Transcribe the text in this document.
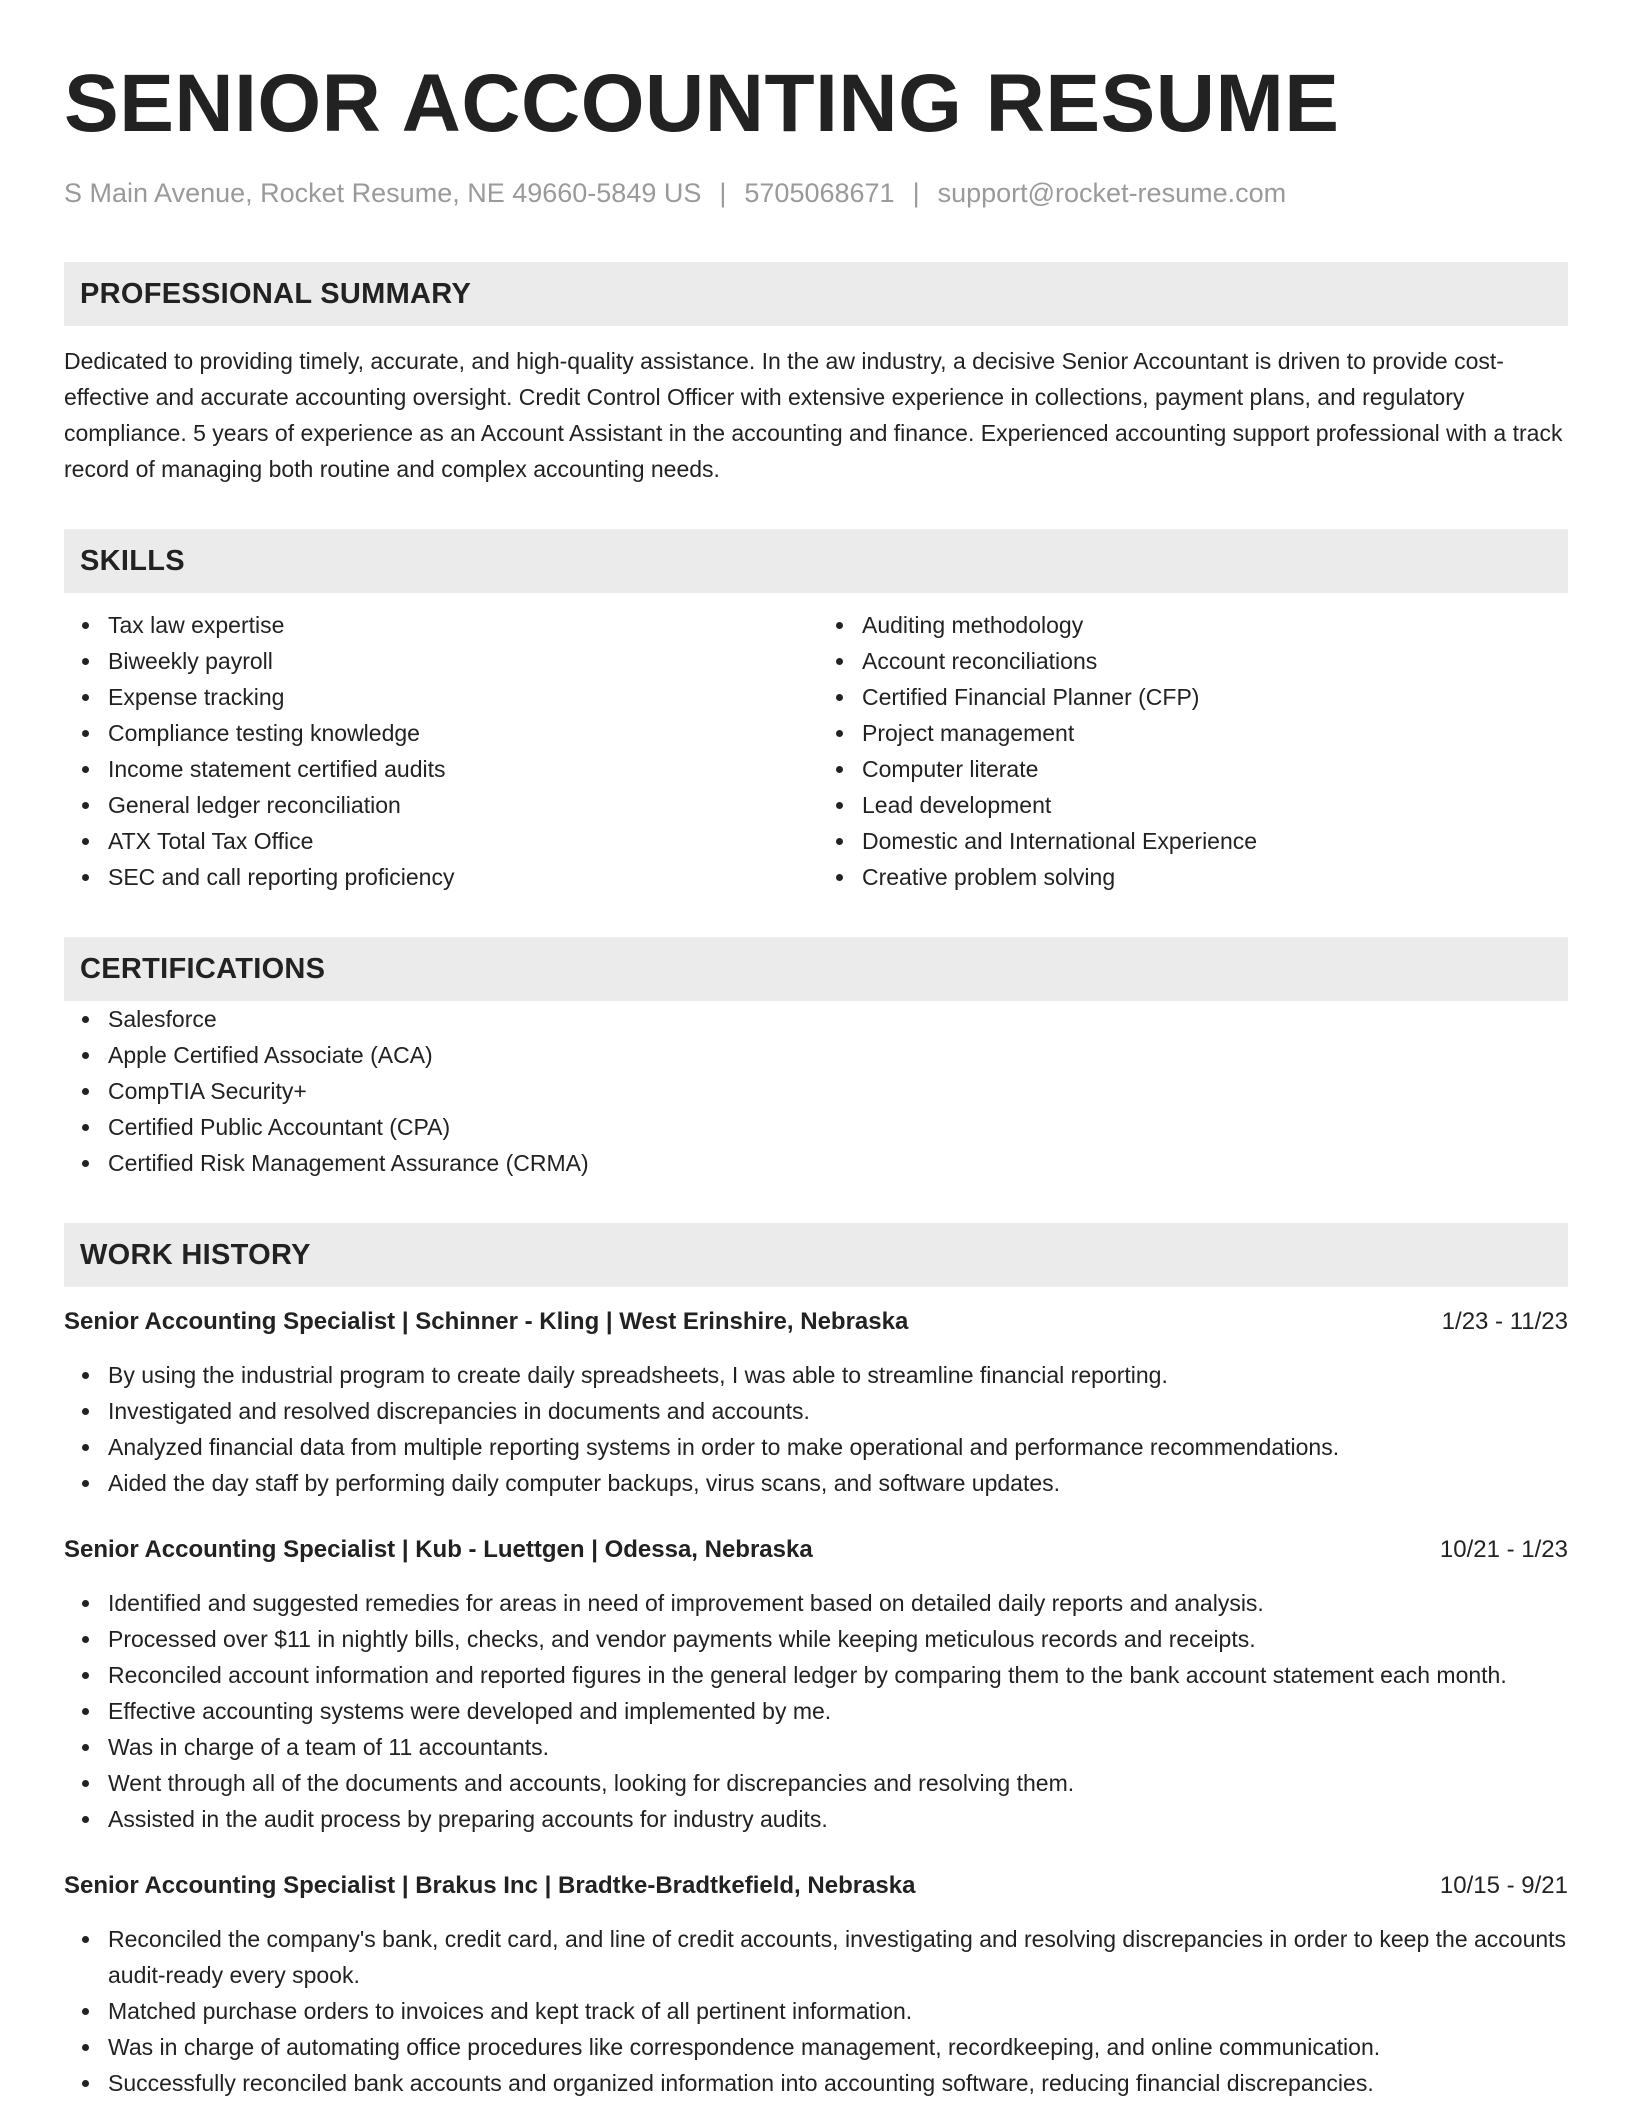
SENIOR ACCOUNTING RESUME
S Main Avenue, Rocket Resume, NE 49660-5849 US | 5705068671 | support@rocket-resume.com
PROFESSIONAL SUMMARY

Dedicated to providing timely, accurate, and high-quality assistance. In the aw industry, a decisive Senior Accountant is driven to provide cost-effective and accurate accounting oversight. Credit Control Officer with extensive experience in collections, payment plans, and regulatory compliance. 5 years of experience as an Account Assistant in the accounting and finance. Experienced accounting support professional with a track record of managing both routine and complex accounting needs.

SKILLS
Tax law expertise
Biweekly payroll
Expense tracking
Compliance testing knowledge
Income statement certified audits
General ledger reconciliation
ATX Total Tax Office
SEC and call reporting proficiency
Auditing methodology
Account reconciliations
Certified Financial Planner (CFP)
Project management
Computer literate
Lead development
Domestic and International Experience
Creative problem solving
CERTIFICATIONS
Salesforce
Apple Certified Associate (ACA)
CompTIA Security+
Certified Public Accountant (CPA)
Certified Risk Management Assurance (CRMA)
WORK HISTORY
Senior Accounting Specialist | Schinner - Kling | West Erinshire, Nebraska	1/23 - 11/23
By using the industrial program to create daily spreadsheets, I was able to streamline financial reporting.
Investigated and resolved discrepancies in documents and accounts.
Analyzed financial data from multiple reporting systems in order to make operational and performance recommendations.
Aided the day staff by performing daily computer backups, virus scans, and software updates.
Senior Accounting Specialist | Kub - Luettgen | Odessa, Nebraska	10/21 - 1/23
Identified and suggested remedies for areas in need of improvement based on detailed daily reports and analysis.
Processed over $11 in nightly bills, checks, and vendor payments while keeping meticulous records and receipts.
Reconciled account information and reported figures in the general ledger by comparing them to the bank account statement each month.
Effective accounting systems were developed and implemented by me.
Was in charge of a team of 11 accountants.
Went through all of the documents and accounts, looking for discrepancies and resolving them.
Assisted in the audit process by preparing accounts for industry audits.
Senior Accounting Specialist | Brakus Inc | Bradtke-Bradtkefield, Nebraska	10/15 - 9/21
Reconciled the company's bank, credit card, and line of credit accounts, investigating and resolving discrepancies in order to keep the accounts audit-ready every spook.
Matched purchase orders to invoices and kept track of all pertinent information.
Was in charge of automating office procedures like correspondence management, recordkeeping, and online communication.
Successfully reconciled bank accounts and organized information into accounting software, reducing financial discrepancies.
